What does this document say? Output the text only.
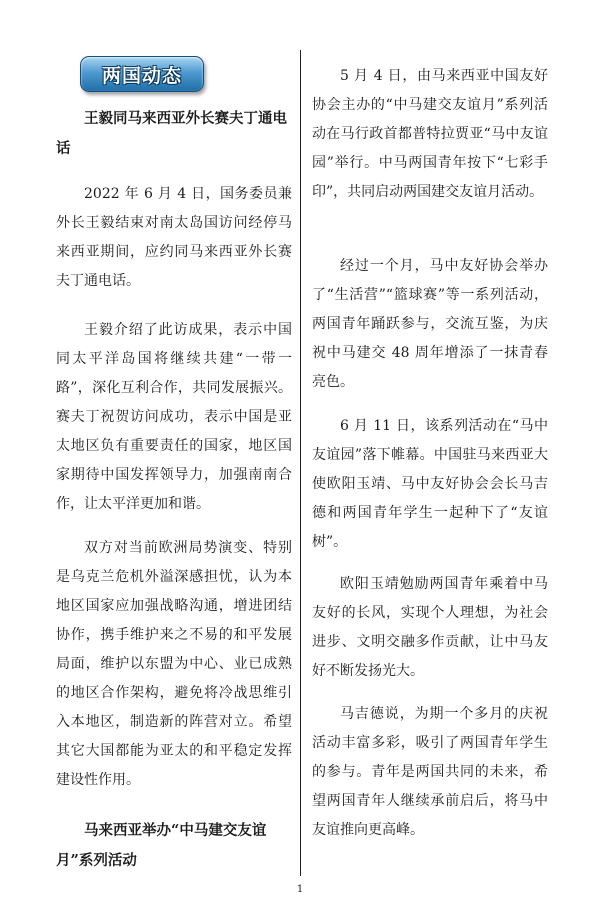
两国动态

王毅同马来西亚外长赛夫丁通电话

2022 年 6 月 4 日，国务委员兼外长王毅结束对南太岛国访问经停马来西亚期间，应约同马来西亚外长赛夫丁通电话。

王毅介绍了此访成果，表示中国同太平洋岛国将继续共建“一带一路”，深化互利合作，共同发展振兴。赛夫丁祝贺访问成功，表示中国是亚太地区负有重要责任的国家，地区国家期待中国发挥领导力，加强南南合作，让太平洋更加和谐。

双方对当前欧洲局势演变、特别是乌克兰危机外溢深感担忧，认为本地区国家应加强战略沟通，增进团结协作，携手维护来之不易的和平发展局面，维护以东盟为中心、业已成熟的地区合作架构，避免将冷战思维引入本地区，制造新的阵营对立。希望其它大国都能为亚太的和平稳定发挥建设性作用。

马来西亚举办“中马建交友谊月”系列活动

5 月 4 日，由马来西亚中国友好协会主办的“中马建交友谊月”系列活动在马行政首都普特拉贾亚“马中友谊园”举行。中马两国青年按下“七彩手印”，共同启动两国建交友谊月活动。

经过一个月，马中友好协会举办了“生活营”“篮球赛”等一系列活动，两国青年踊跃参与，交流互鉴，为庆祝中马建交 48 周年增添了一抹青春亮色。

6 月 11 日，该系列活动在“马中友谊园”落下帷幕。中国驻马来西亚大使欧阳玉靖、马中友好协会会长马吉德和两国青年学生一起种下了“友谊树”。

欧阳玉靖勉励两国青年乘着中马友好的长风，实现个人理想，为社会进步、文明交融多作贡献，让中马友好不断发扬光大。

马吉德说，为期一个多月的庆祝活动丰富多彩，吸引了两国青年学生的参与。青年是两国共同的未来，希望两国青年人继续承前启后，将马中友谊推向更高峰。

1
